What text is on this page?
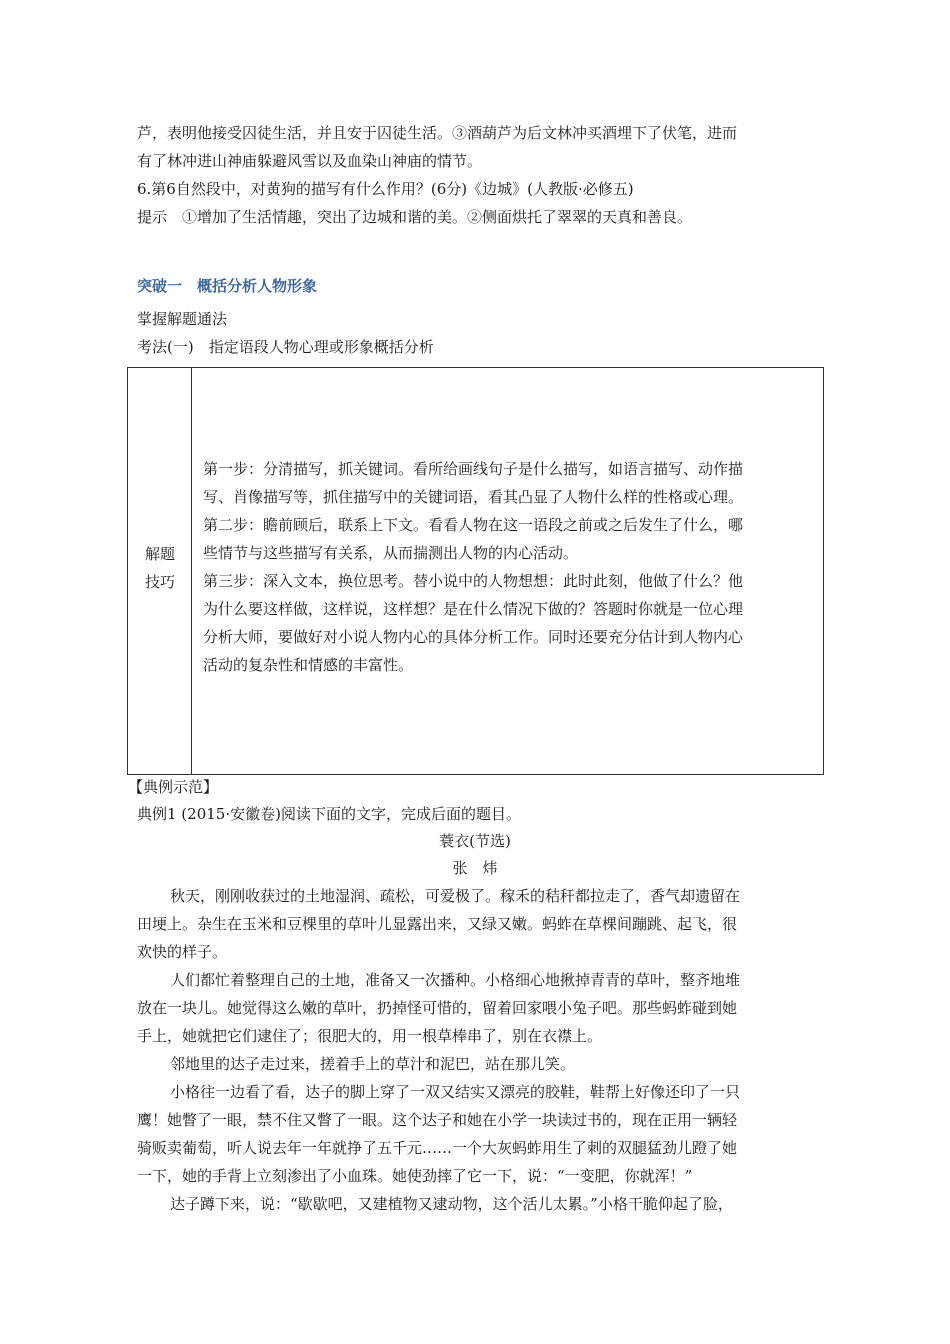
芦，表明他接受囚徒生活，并且安于囚徒生活。③酒葫芦为后文林冲买酒埋下了伏笔，进而
有了林冲进山神庙躲避风雪以及血染山神庙的情节。
6.第6自然段中，对黄狗的描写有什么作用？(6分)《边城》(人教版·必修五)
提示　①增加了生活情趣，突出了边城和谐的美。②侧面烘托了翠翠的天真和善良。
突破一　概括分析人物形象
掌握解题通法
考法(一)　指定语段人物心理或形象概括分析
解题
技巧
第一步：分清描写，抓关键词。看所给画线句子是什么描写，如语言描写、动作描
写、肖像描写等，抓住描写中的关键词语，看其凸显了人物什么样的性格或心理。
第二步：瞻前顾后，联系上下文。看看人物在这一语段之前或之后发生了什么，哪
些情节与这些描写有关系，从而揣测出人物的内心活动。
第三步：深入文本，换位思考。替小说中的人物想想：此时此刻，他做了什么？他
为什么要这样做，这样说，这样想？是在什么情况下做的？答题时你就是一位心理
分析大师，要做好对小说人物内心的具体分析工作。同时还要充分估计到人物内心
活动的复杂性和情感的丰富性。
【典例示范】
典例1 (2015·安徽卷)阅读下面的文字，完成后面的题目。
蓑衣(节选)
张　炜
秋天，刚刚收获过的土地湿润、疏松，可爱极了。稼禾的秸秆都拉走了，香气却遗留在
田埂上。杂生在玉米和豆棵里的草叶儿显露出来，又绿又嫩。蚂蚱在草棵间蹦跳、起飞，很
欢快的样子。
人们都忙着整理自己的土地，准备又一次播种。小格细心地揪掉青青的草叶，整齐地堆
放在一块儿。她觉得这么嫩的草叶，扔掉怪可惜的，留着回家喂小兔子吧。那些蚂蚱碰到她
手上，她就把它们逮住了；很肥大的，用一根草棒串了，别在衣襟上。
邻地里的达子走过来，搓着手上的草汁和泥巴，站在那儿笑。
小格往一边看了看，达子的脚上穿了一双又结实又漂亮的胶鞋，鞋帮上好像还印了一只
鹰！她瞥了一眼，禁不住又瞥了一眼。这个达子和她在小学一块读过书的，现在正用一辆轻
骑贩卖葡萄，听人说去年一年就挣了五千元……一个大灰蚂蚱用生了刺的双腿猛劲儿蹬了她
一下，她的手背上立刻渗出了小血珠。她使劲摔了它一下，说：“一变肥，你就浑！”
达子蹲下来，说：“歇歇吧，又建植物又逮动物，这个活儿太累。”小格干脆仰起了脸，
